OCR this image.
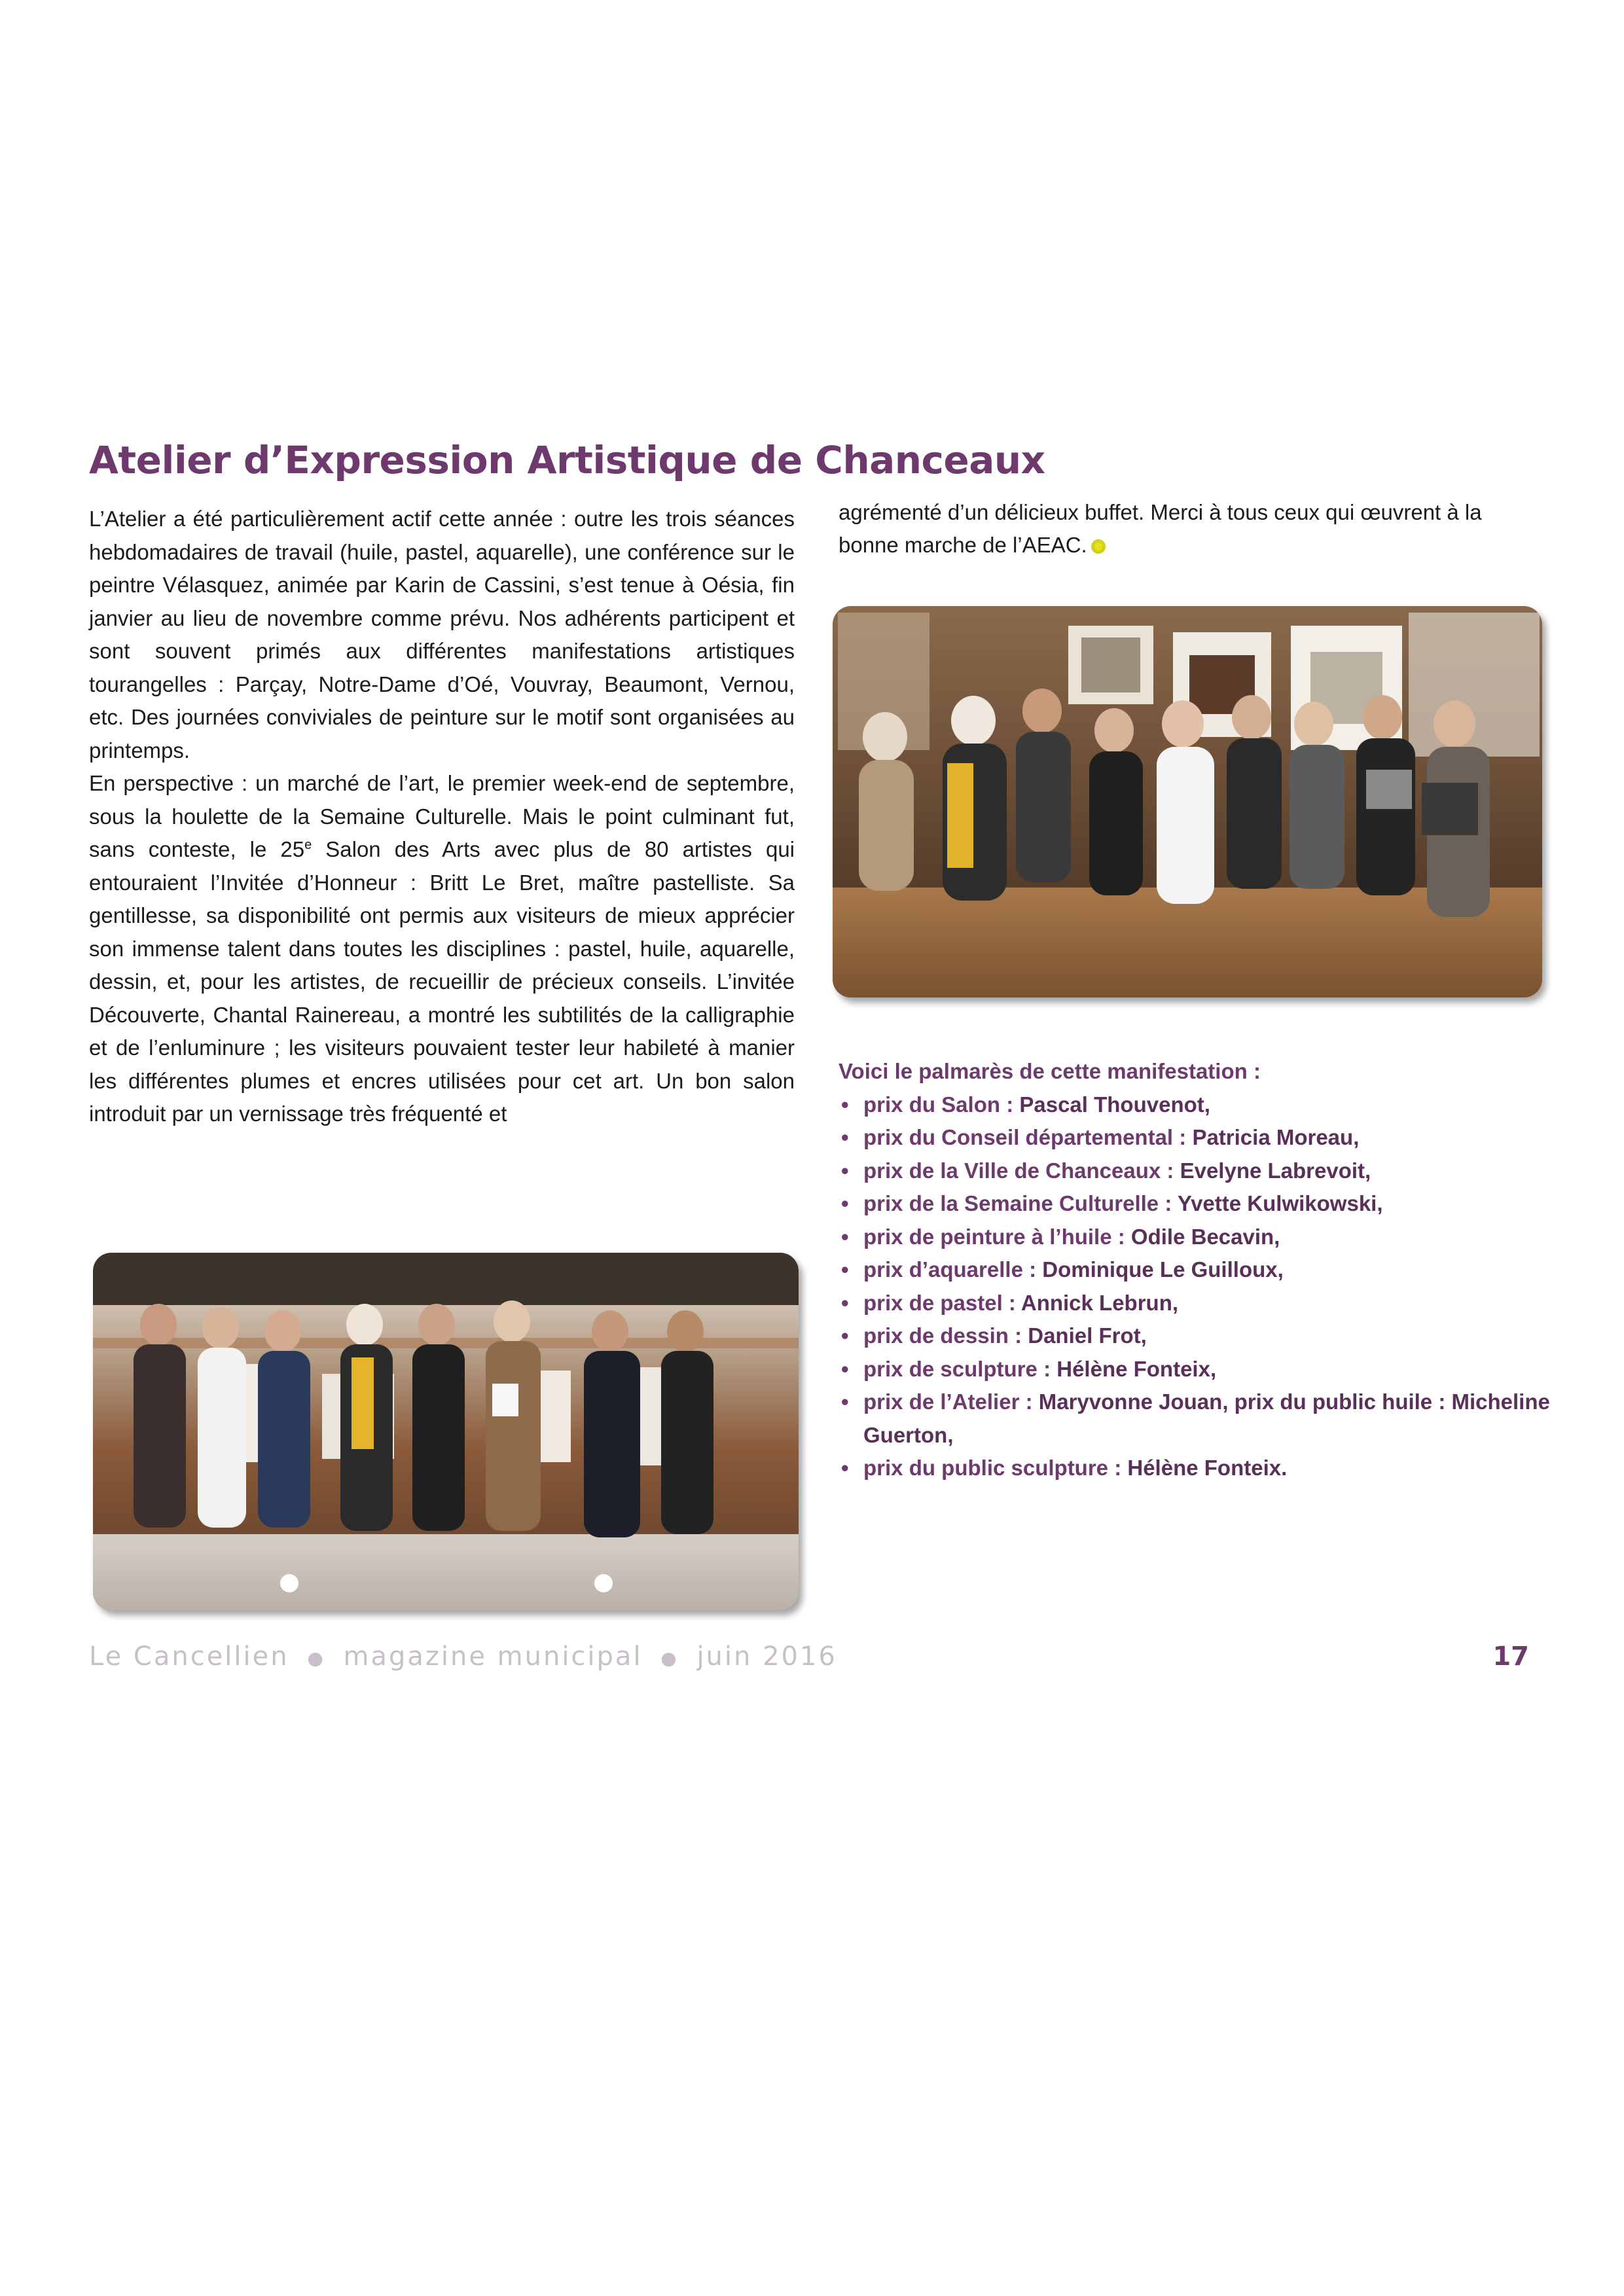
Atelier d’Expression Artistique de Chanceaux

L’Atelier a été particulièrement actif cette année : outre les trois séances hebdomadaires de travail (huile, pastel, aquarelle), une conférence sur le peintre Vélasquez, animée par Karin de Cassini, s’est tenue à Oésia, fin janvier au lieu de novembre comme prévu. Nos adhérents participent et sont souvent primés aux différentes manifestations artistiques tourangelles : Parçay, Notre-Dame d’Oé, Vouvray, Beaumont, Vernou, etc. Des journées conviviales de peinture sur le motif sont organisées au printemps.

En perspective : un marché de l’art, le premier week-end de septembre, sous la houlette de la Semaine Culturelle. Mais le point culminant fut, sans conteste, le 25e Salon des Arts avec plus de 80 artistes qui entouraient l’Invitée d’Honneur : Britt Le Bret, maître pastelliste. Sa gentillesse, sa disponibilité ont permis aux visiteurs de mieux apprécier son immense talent dans toutes les disciplines : pastel, huile, aquarelle, dessin, et, pour les artistes, de recueillir de précieux conseils. L’invitée Découverte, Chantal Rainereau, a montré les subtilités de la calligraphie et de l’enluminure ; les visiteurs pouvaient tester leur habileté à manier les différentes plumes et encres utilisées pour cet art. Un bon salon introduit par un vernissage très fréquenté et

agrémenté d’un délicieux buffet. Merci à tous ceux qui œuvrent à la bonne marche de l’AEAC.

Voici le palmarès de cette manifestation :

• prix du Salon : Pascal Thouvenot,
• prix du Conseil départemental : Patricia Moreau,
• prix de la Ville de Chanceaux : Evelyne Labrevoit,
• prix de la Semaine Culturelle : Yvette Kulwikowski,
• prix de peinture à l’huile : Odile Becavin,
• prix d’aquarelle : Dominique Le Guilloux,
• prix de pastel : Annick Lebrun,
• prix de dessin : Daniel Frot,
• prix de sculpture : Hélène Fonteix,
• prix de l’Atelier : Maryvonne Jouan, prix du public huile : Micheline Guerton,
• prix du public sculpture : Hélène Fonteix.
Le Cancellien ● magazine municipal ● juin 2016	17
